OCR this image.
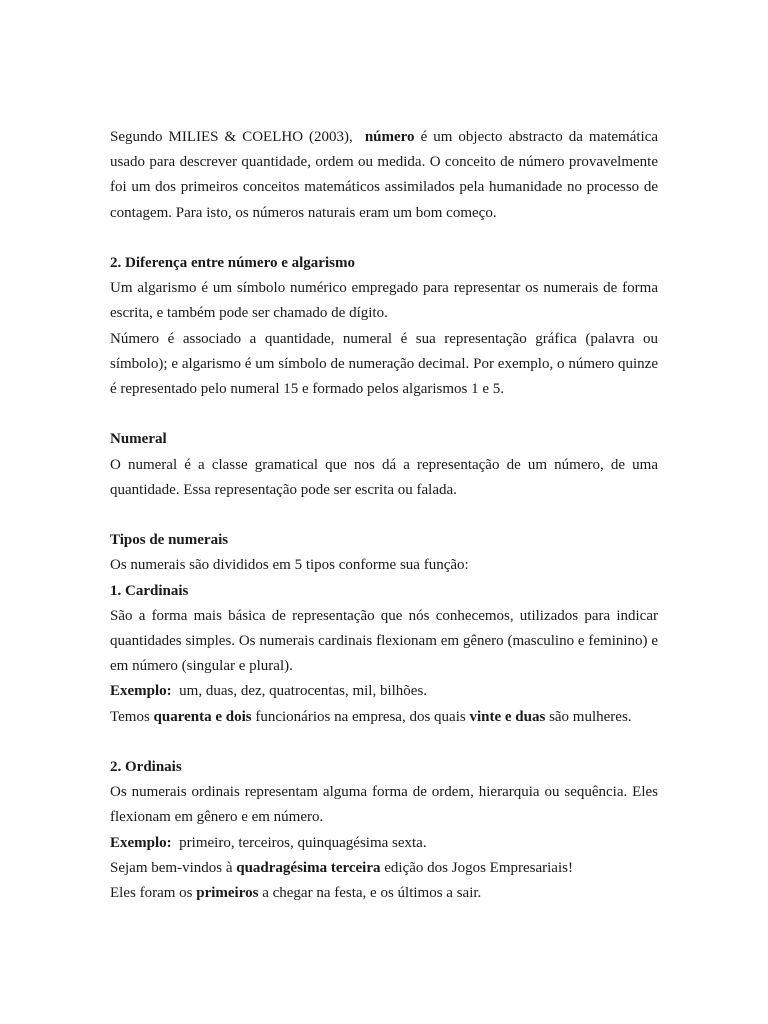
Segundo MILIES & COELHO (2003), número é um objecto abstracto da matemática usado para descrever quantidade, ordem ou medida. O conceito de número provavelmente foi um dos primeiros conceitos matemáticos assimilados pela humanidade no processo de contagem. Para isto, os números naturais eram um bom começo.

2. Diferença entre número e algarismo

Um algarismo é um símbolo numérico empregado para representar os numerais de forma escrita, e também pode ser chamado de dígito.

Número é associado a quantidade, numeral é sua representação gráfica (palavra ou símbolo); e algarismo é um símbolo de numeração decimal. Por exemplo, o número quinze é representado pelo numeral 15 e formado pelos algarismos 1 e 5.

Numeral

O numeral é a classe gramatical que nos dá a representação de um número, de uma quantidade. Essa representação pode ser escrita ou falada.

Tipos de numerais

Os numerais são divididos em 5 tipos conforme sua função:

1. Cardinais

São a forma mais básica de representação que nós conhecemos, utilizados para indicar quantidades simples. Os numerais cardinais flexionam em gênero (masculino e feminino) e em número (singular e plural).

Exemplo:  um, duas, dez, quatrocentas, mil, bilhões.

Temos quarenta e dois funcionários na empresa, dos quais vinte e duas são mulheres.

2. Ordinais

Os numerais ordinais representam alguma forma de ordem, hierarquia ou sequência. Eles flexionam em gênero e em número.

Exemplo:  primeiro, terceiros, quinquagésima sexta.

Sejam bem-vindos à quadragésima terceira edição dos Jogos Empresariais!

Eles foram os primeiros a chegar na festa, e os últimos a sair.
